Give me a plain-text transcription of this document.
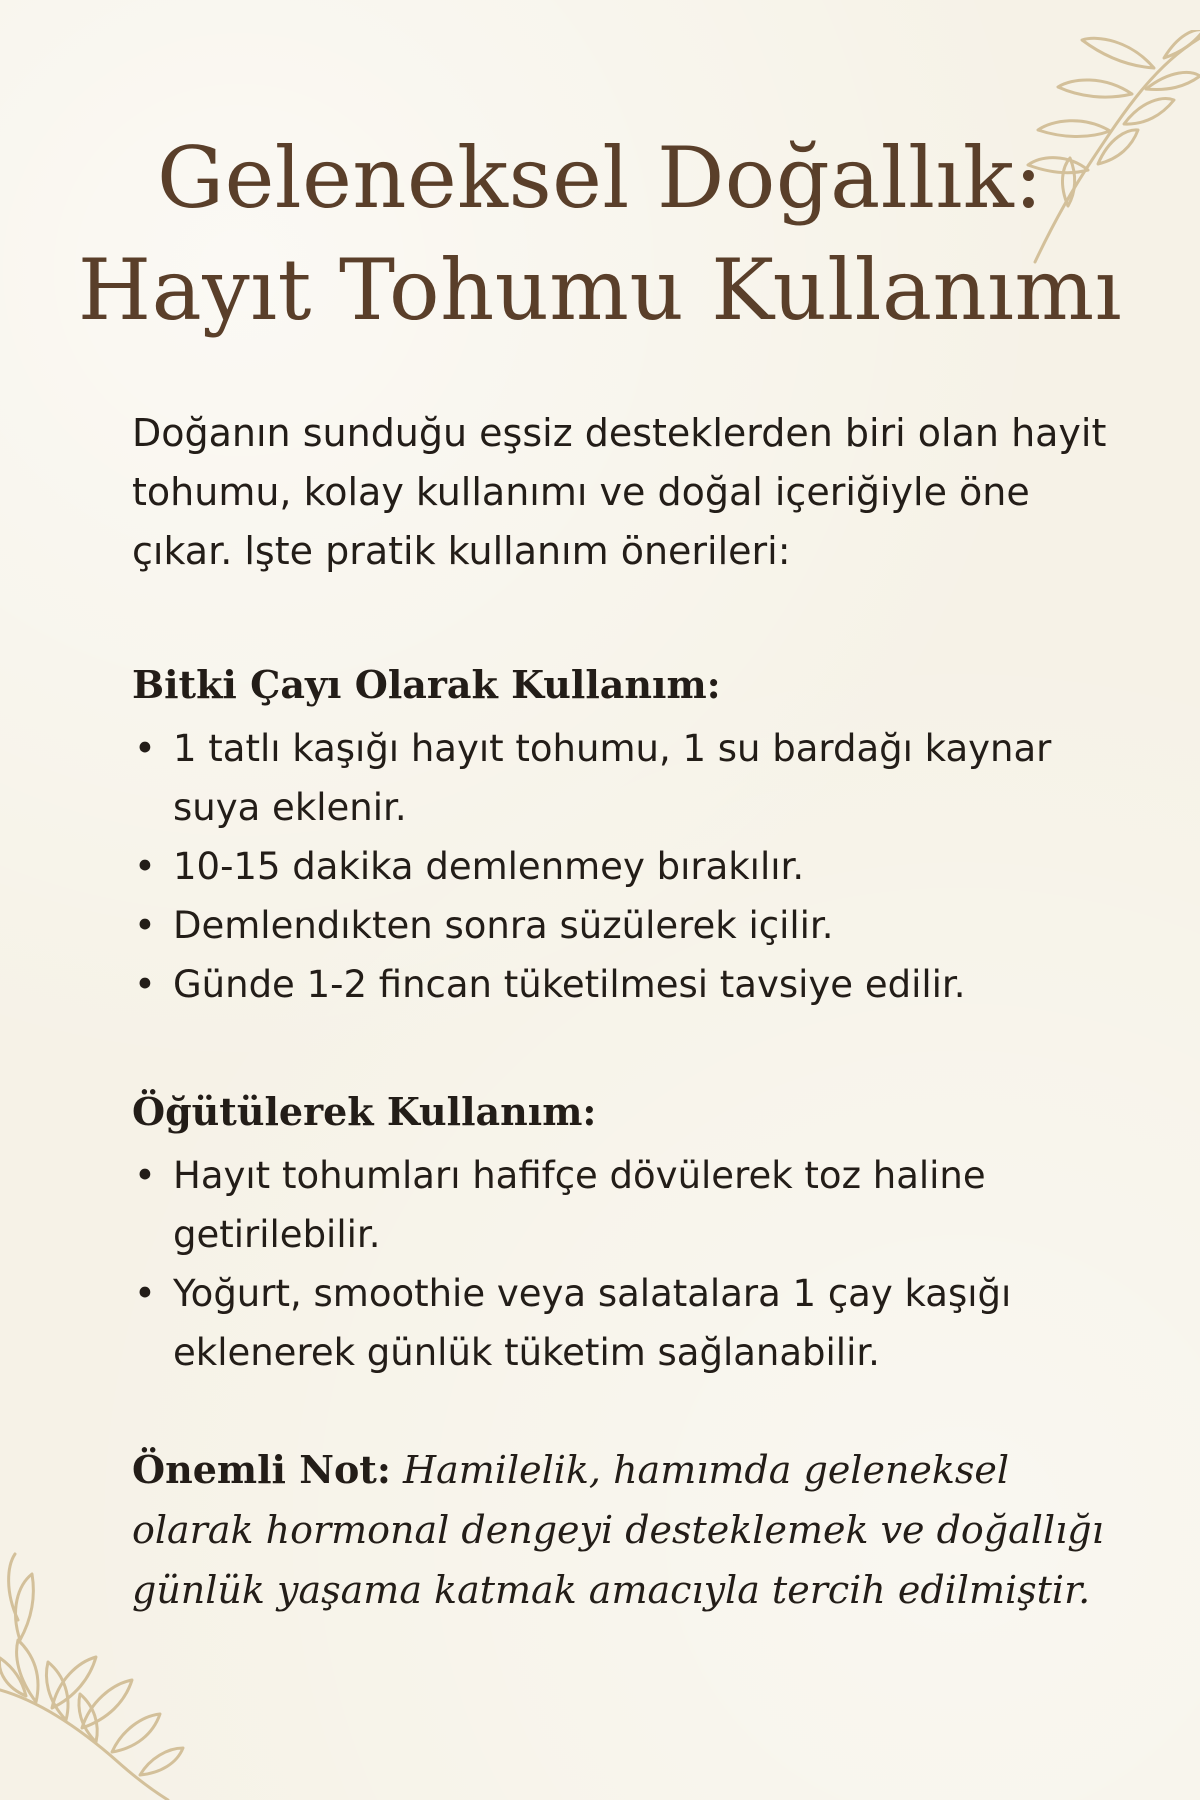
Geleneksel Doğallık:
Hayıt Tohumu Kullanımı

Doğanın sunduğu eşsiz desteklerden biri olan hayit tohumu, kolay kullanımı ve doğal içeriğiyle öne çıkar. lşte pratik kullanım önerileri:

Bitki Çayı Olarak Kullanım:
• 1 tatlı kaşığı hayıt tohumu, 1 su bardağı kaynar suya eklenir.
• 10-15 dakika demlenmey bırakılır.
• Demlendıkten sonra süzülerek içilir.
• Günde 1-2 fincan tüketilmesi tavsiye edilir.
Öğütülerek Kullanım:
• Hayıt tohumları hafifçe dövülerek toz haline getirilebilir.
• Yoğurt, smoothie veya salatalara 1 çay kaşığı eklenerek günlük tüketim sağlanabilir.

Önemli Not: Hamilelik, hamımda geleneksel olarak hormonal dengeyi desteklemek ve doğallığı günlük yaşama katmak amacıyla tercih edilmiştir.
